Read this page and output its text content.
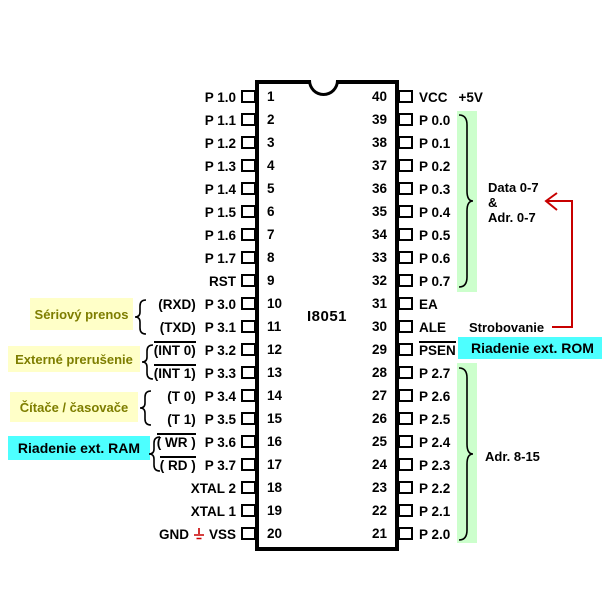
I8051
P 1.0 1
P 1.1 2
P 1.2 3
P 1.3 4
P 1.4 5
P 1.5 6
P 1.6 7
P 1.7 8
RST 9
(RXD) P 3.0 10
(TXD) P 3.1 11
(INT 0) P 3.2 12
(INT 1) P 3.3 13
(T 0) P 3.4 14
(T 1) P 3.5 15
( WR ) P 3.6 16
( RD ) P 3.7 17
XTAL 2 18
XTAL 1 19
GND VSS 20
VCC +5V
40
P 0.0
39
P 0.1
38
P 0.2
37
P 0.3
36
P 0.4
35
P 0.5
34
P 0.6
33
P 0.7
32
EA
31
ALE
30
PSEN
29
P 2.7
28
P 2.6
27
P 2.5
26
P 2.4
25
P 2.3
24
P 2.2
23
P 2.1
22
P 2.0
21
Sériový prenos
Externé prerušenie
Čítače / časovače
Riadenie ext. RAM
Data 0-7
&
Adr. 0-7
Strobovanie
Riadenie ext. ROM
Adr. 8-15
